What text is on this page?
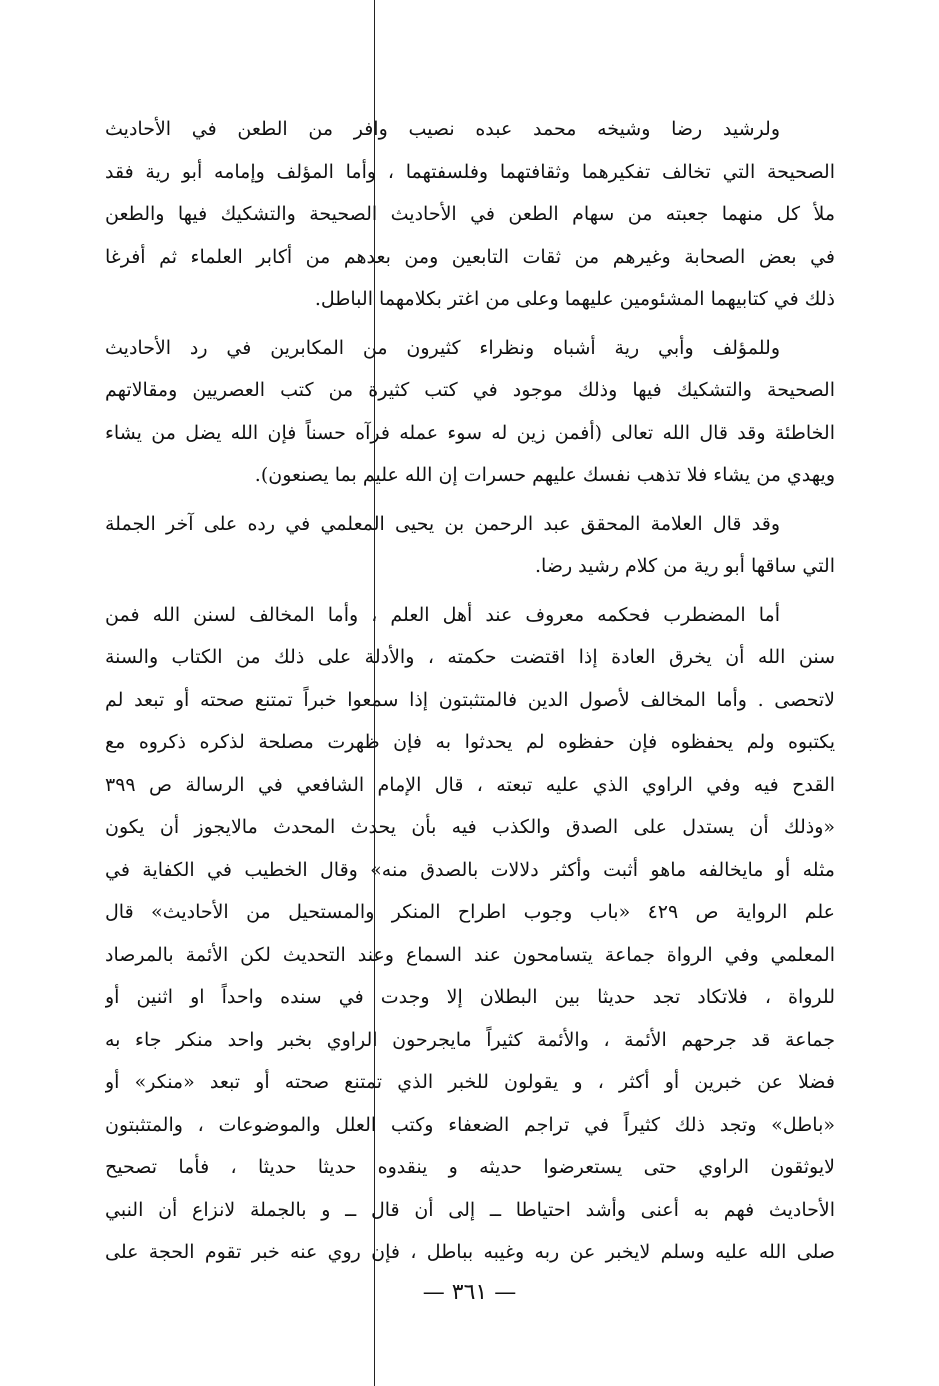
ولرشيد رضا وشيخه محمد عبده نصيب وافر من الطعن في الأحاديث
الصحيحة التي تخالف تفكيرهما وثقافتهما وفلسفتهما ، وأما المؤلف وإمامه أبو رية فقد
ملأ كل منهما جعبته من سهام الطعن في الأحاديث الصحيحة والتشكيك فيها والطعن
في بعض الصحابة وغيرهم من ثقات التابعين ومن بعدهم من أكابر العلماء ثم أفرغا
ذلك في كتابيهما المشئومين عليهما وعلى من اغتر بكلامهما الباطل.

وللمؤلف وأبي رية أشباه ونظراء كثيرون من المكابرين في رد الأحاديث
الصحيحة والتشكيك فيها وذلك موجود في كتب كثيرة من كتب العصريين ومقالاتهم
الخاطئة وقد قال الله تعالى (أفمن زين له سوء عمله فرآه حسناً فإن الله يضل من يشاء
ويهدي من يشاء فلا تذهب نفسك عليهم حسرات إن الله عليم بما يصنعون).

وقد قال العلامة المحقق عبد الرحمن بن يحيى المعلمي في رده على آخر الجملة
التي ساقها أبو رية من كلام رشيد رضا.

أما المضطرب فحكمه معروف عند أهل العلم ، وأما المخالف لسنن الله فمن
سنن الله أن يخرق العادة إذا اقتضت حكمته ، والأدلة على ذلك من الكتاب والسنة
لاتحصى . وأما المخالف لأصول الدين فالمتثبتون إذا سمعوا خبراً تمتنع صحته أو تبعد لم
يكتبوه ولم يحفظوه فإن حفظوه لم يحدثوا به فإن ظهرت مصلحة لذكره ذكروه مع
القدح فيه وفي الراوي الذي عليه تبعته ، قال الإمام الشافعي في الرسالة ص ٣٩٩
«وذلك أن يستدل على الصدق والكذب فيه بأن يحدث المحدث مالايجوز أن يكون
مثله أو مايخالفه ماهو أثبت وأكثر دلالات بالصدق منه» وقال الخطيب في الكفاية في
علم الرواية ص ٤٢٩ «باب وجوب اطراح المنكر والمستحيل من الأحاديث» قال
المعلمي وفي الرواة جماعة يتسامحون عند السماع وعند التحديث لكن الأئمة بالمرصاد
للرواة ، فلاتكاد تجد حديثا بين البطلان إلا وجدت في سنده واحداً او اثنين أو
جماعة قد جرحهم الأئمة ، والأئمة كثيراً مايجرحون الراوي بخبر واحد منكر جاء به
فضلا عن خبرين أو أكثر ، و يقولون للخبر الذي تمتنع صحته أو تبعد «منكر» أو
«باطل» وتجد ذلك كثيراً في تراجم الضعفاء وكتب العلل والموضوعات ، والمتثبتون
لايوثقون الراوي حتى يستعرضوا حديثه و ينقدوه حديثا حديثا ، فأما تصحيح
الأحاديث فهم به أعنى وأشد احتياطا ــ إلى أن قال ــ و بالجملة لانزاع أن النبي
صلى الله عليه وسلم لايخبر عن ربه وغيبه بباطل ، فإن روي عنه خبر تقوم الحجة على

— ٣٦١ —
